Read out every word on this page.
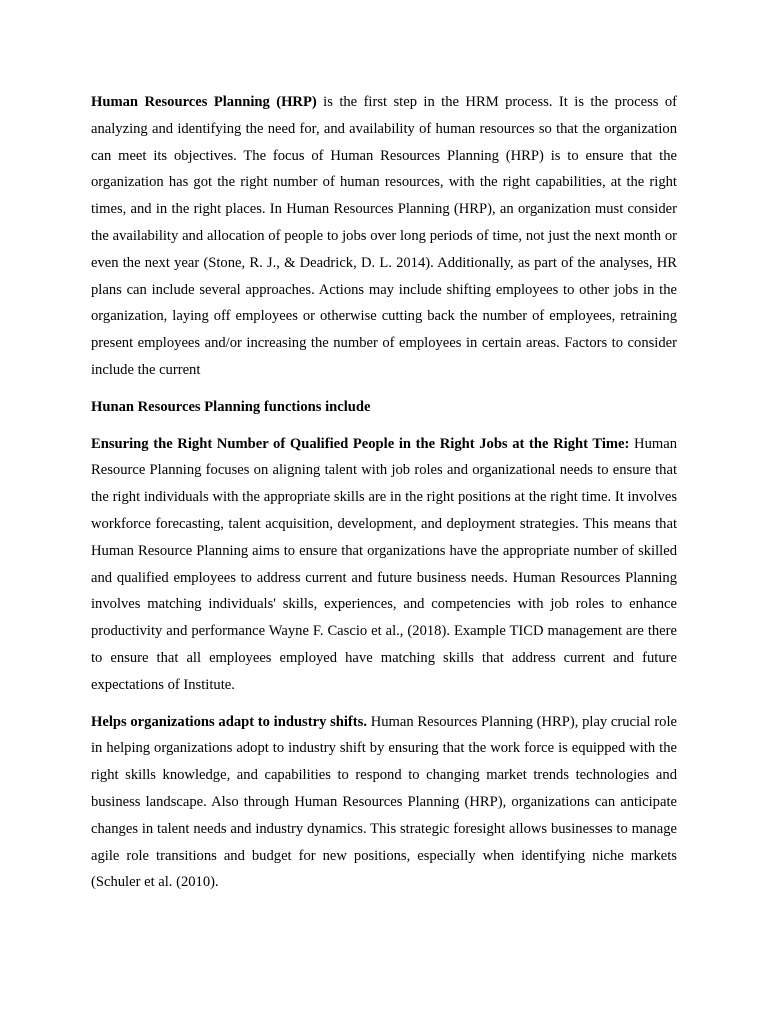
Human Resources Planning (HRP) is the first step in the HRM process. It is the process of analyzing and identifying the need for, and availability of human resources so that the organization can meet its objectives. The focus of Human Resources Planning (HRP) is to ensure that the organization has got the right number of human resources, with the right capabilities, at the right times, and in the right places. In Human Resources Planning (HRP), an organization must consider the availability and allocation of people to jobs over long periods of time, not just the next month or even the next year (Stone, R. J., & Deadrick, D. L. 2014). Additionally, as part of the analyses, HR plans can include several approaches. Actions may include shifting employees to other jobs in the organization, laying off employees or otherwise cutting back the number of employees, retraining present employees and/or increasing the number of employees in certain areas. Factors to consider include the current

Hunan Resources Planning functions include

Ensuring the Right Number of Qualified People in the Right Jobs at the Right Time: Human Resource Planning focuses on aligning talent with job roles and organizational needs to ensure that the right individuals with the appropriate skills are in the right positions at the right time. It involves workforce forecasting, talent acquisition, development, and deployment strategies. This means that Human Resource Planning aims to ensure that organizations have the appropriate number of skilled and qualified employees to address current and future business needs. Human Resources Planning involves matching individuals' skills, experiences, and competencies with job roles to enhance productivity and performance Wayne F. Cascio et al., (2018). Example TICD management are there to ensure that all employees employed have matching skills that address current and future expectations of Institute.

Helps organizations adapt to industry shifts. Human Resources Planning (HRP), play crucial role in helping organizations adopt to industry shift by ensuring that the work force is equipped with the right skills knowledge, and capabilities to respond to changing market trends technologies and business landscape. Also through Human Resources Planning (HRP), organizations can anticipate changes in talent needs and industry dynamics. This strategic foresight allows businesses to manage agile role transitions and budget for new positions, especially when identifying niche markets (Schuler et al. (2010).
